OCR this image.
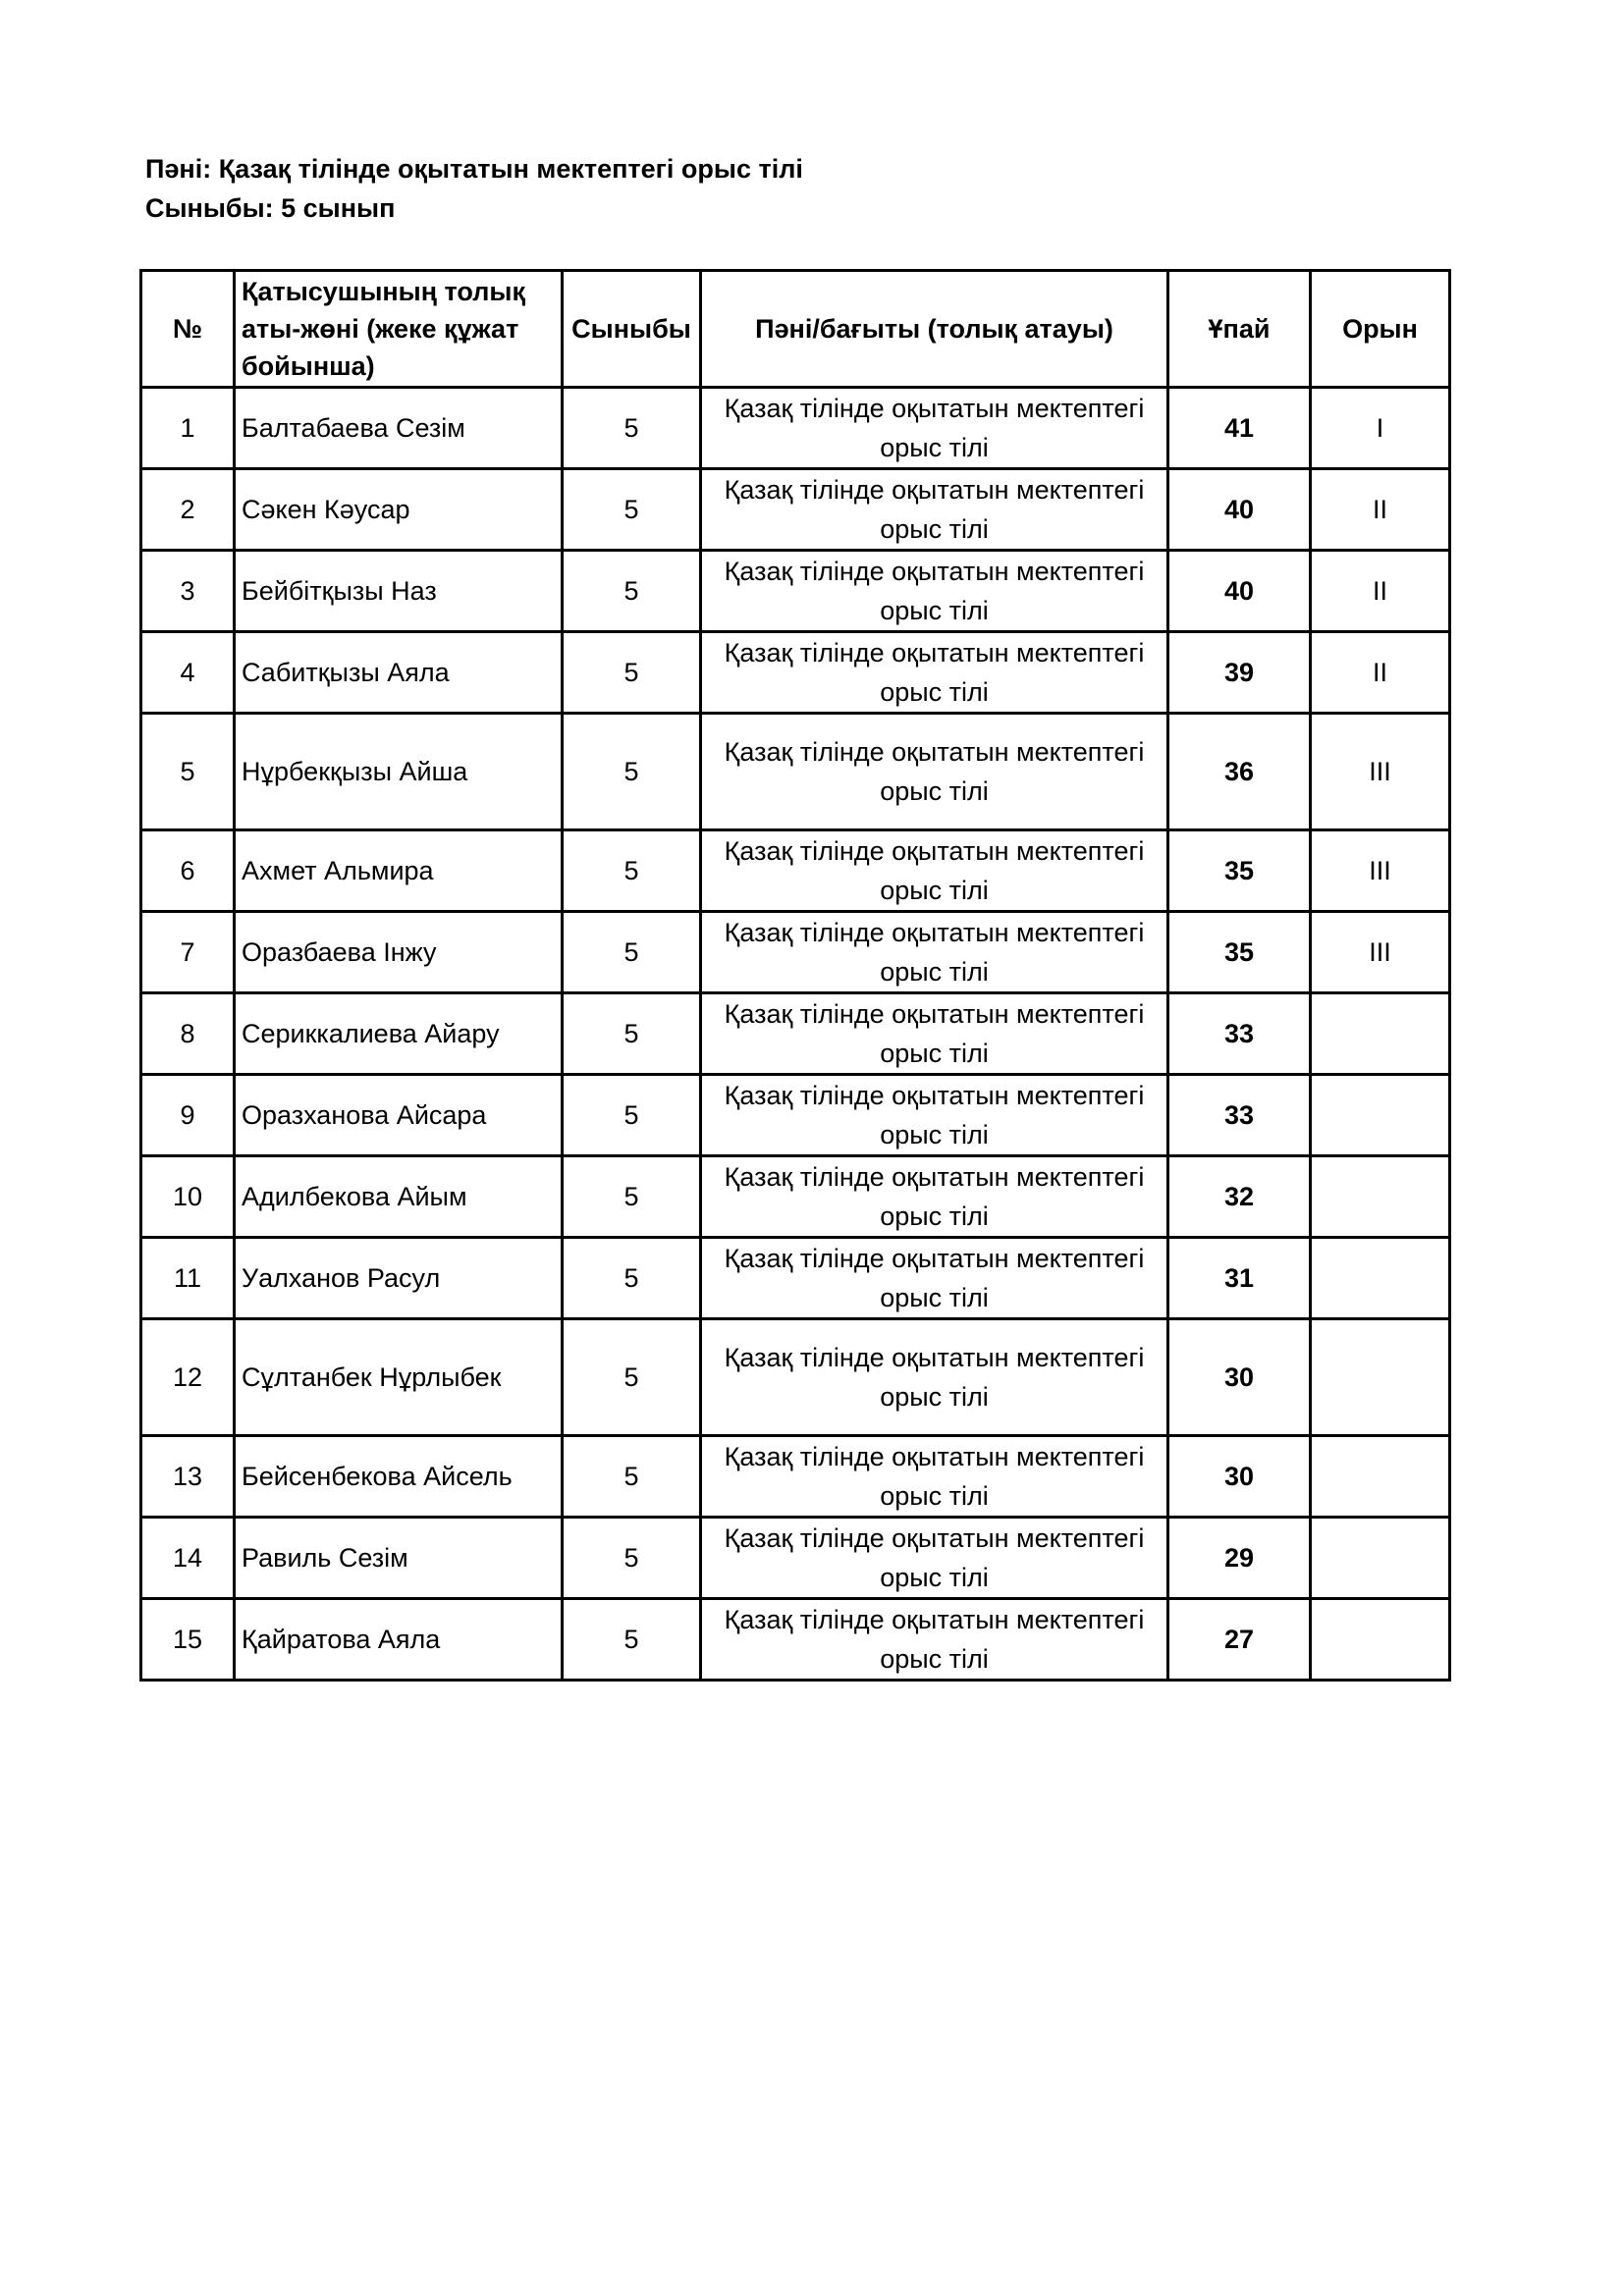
Пәні: Қазақ тілінде оқытатын мектептегі орыс тілі
Сыныбы: 5 сынып
№	Қатысушының толық аты-жөні (жеке құжат бойынша)	Сыныбы	Пәні/бағыты (толық атауы)	Ұпай	Орын
1	Балтабаева Сезім	5	Қазақ тілінде оқытатын мектептегі орыс тілі	41	I
2	Сәкен Кәусар	5	Қазақ тілінде оқытатын мектептегі орыс тілі	40	II
3	Бейбітқызы Наз	5	Қазақ тілінде оқытатын мектептегі орыс тілі	40	II
4	Сабитқызы Аяла	5	Қазақ тілінде оқытатын мектептегі орыс тілі	39	II
5	Нұрбекқызы Айша	5	Қазақ тілінде оқытатын мектептегі орыс тілі	36	III
6	Ахмет Альмира	5	Қазақ тілінде оқытатын мектептегі орыс тілі	35	III
7	Оразбаева Інжу	5	Қазақ тілінде оқытатын мектептегі орыс тілі	35	III
8	Сериккалиева Айару	5	Қазақ тілінде оқытатын мектептегі орыс тілі	33	
9	Оразханова Айсара	5	Қазақ тілінде оқытатын мектептегі орыс тілі	33	
10	Адилбекова Айым	5	Қазақ тілінде оқытатын мектептегі орыс тілі	32	
11	Уалханов Расул	5	Қазақ тілінде оқытатын мектептегі орыс тілі	31	
12	Сұлтанбек Нұрлыбек	5	Қазақ тілінде оқытатын мектептегі орыс тілі	30	
13	Бейсенбекова Айсель	5	Қазақ тілінде оқытатын мектептегі орыс тілі	30	
14	Равиль Сезім	5	Қазақ тілінде оқытатын мектептегі орыс тілі	29	
15	Қайратова Аяла	5	Қазақ тілінде оқытатын мектептегі орыс тілі	27	
